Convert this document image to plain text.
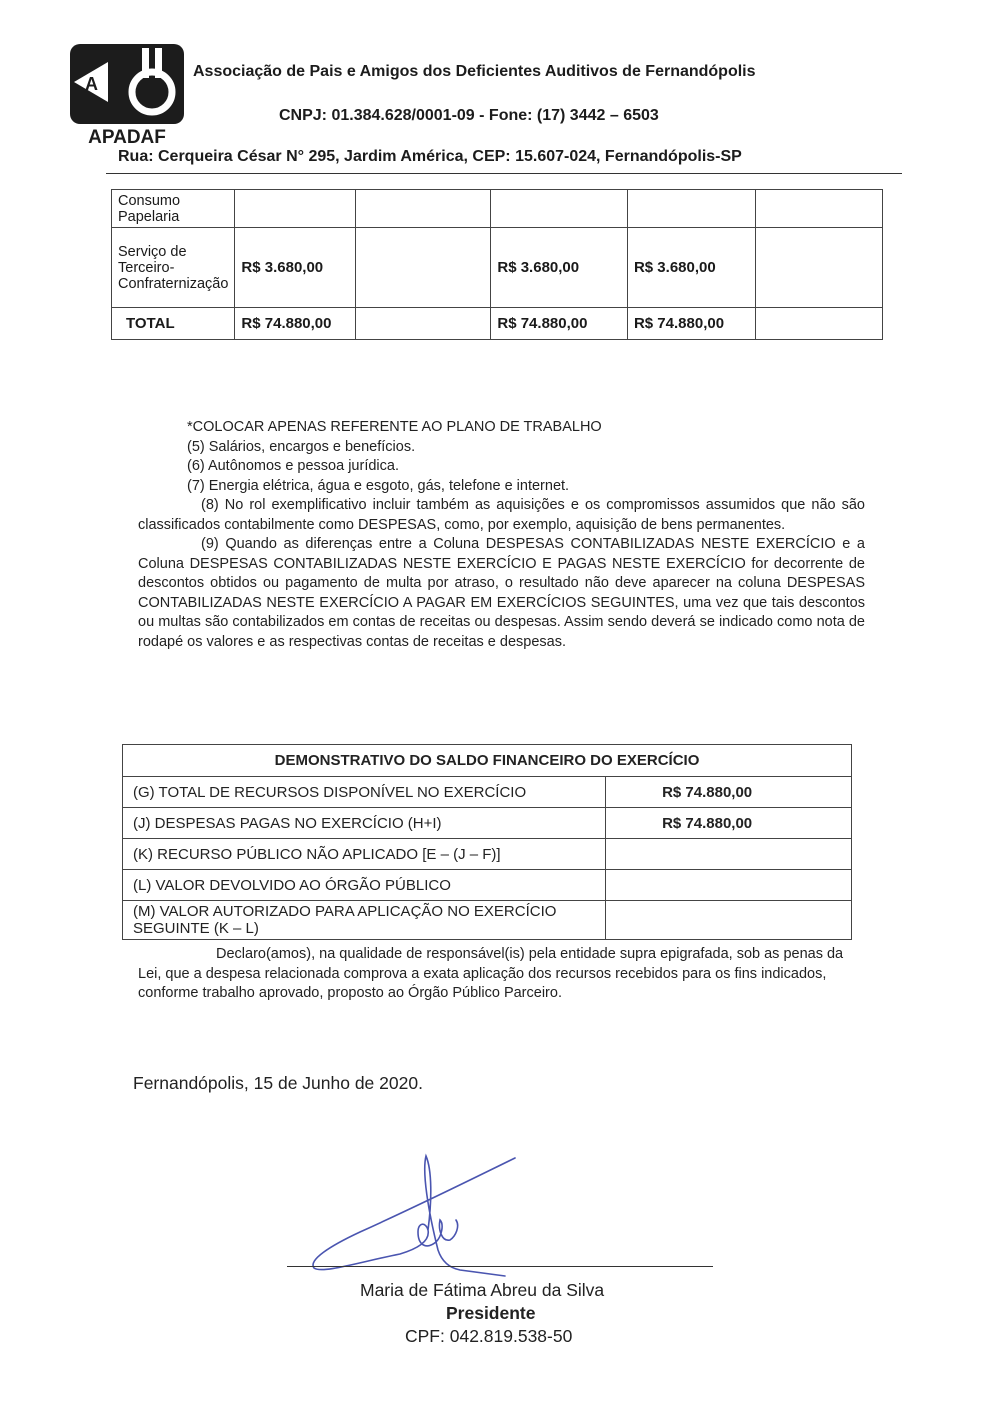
A
APADAF
Associação de Pais e Amigos dos Deficientes Auditivos de Fernandópolis
CNPJ: 01.384.628/0001-09 - Fone: (17) 3442 – 6503
Rua: Cerqueira César N° 295, Jardim América, CEP: 15.607-024, Fernandópolis-SP
Consumo Papelaria					
Serviço de Terceiro-Confraternização	R$ 3.680,00		R$ 3.680,00	R$ 3.680,00	
TOTAL	R$ 74.880,00		R$ 74.880,00	R$ 74.880,00	

*COLOCAR APENAS REFERENTE AO PLANO DE TRABALHO

(5) Salários, encargos e benefícios.

(6) Autônomos e pessoa jurídica.

(7) Energia elétrica, água e esgoto, gás, telefone e internet.

(8) No rol exemplificativo incluir também as aquisições e os compromissos assumidos que não são classificados contabilmente como DESPESAS, como, por exemplo, aquisição de bens permanentes.

(9) Quando as diferenças entre a Coluna DESPESAS CONTABILIZADAS NESTE EXERCÍCIO e a Coluna DESPESAS CONTABILIZADAS NESTE EXERCÍCIO E PAGAS NESTE EXERCÍCIO for decorrente de descontos obtidos ou pagamento de multa por atraso, o resultado não deve aparecer na coluna DESPESAS CONTABILIZADAS NESTE EXERCÍCIO A PAGAR EM EXERCÍCIOS SEGUINTES, uma vez que tais descontos ou multas são contabilizados em contas de receitas ou despesas. Assim sendo deverá se indicado como nota de rodapé os valores e as respectivas contas de receitas e despesas.

DEMONSTRATIVO DO SALDO FINANCEIRO DO EXERCÍCIO	
(G) TOTAL DE RECURSOS DISPONÍVEL NO EXERCÍCIO	R$ 74.880,00
(J) DESPESAS PAGAS NO EXERCÍCIO (H+I)	R$ 74.880,00
(K) RECURSO PÚBLICO NÃO APLICADO [E – (J – F)]	
(L) VALOR DEVOLVIDO AO ÓRGÃO PÚBLICO	
(M) VALOR AUTORIZADO PARA APLICAÇÃO NO EXERCÍCIO SEGUINTE (K – L)	
Declaro(amos), na qualidade de responsável(is) pela entidade supra epigrafada, sob as penas da Lei, que a despesa relacionada comprova a exata aplicação dos recursos recebidos para os fins indicados, conforme trabalho aprovado, proposto ao Órgão Público Parceiro.
Fernandópolis, 15 de Junho de 2020.
Maria de Fátima Abreu da Silva
Presidente
CPF: 042.819.538-50
